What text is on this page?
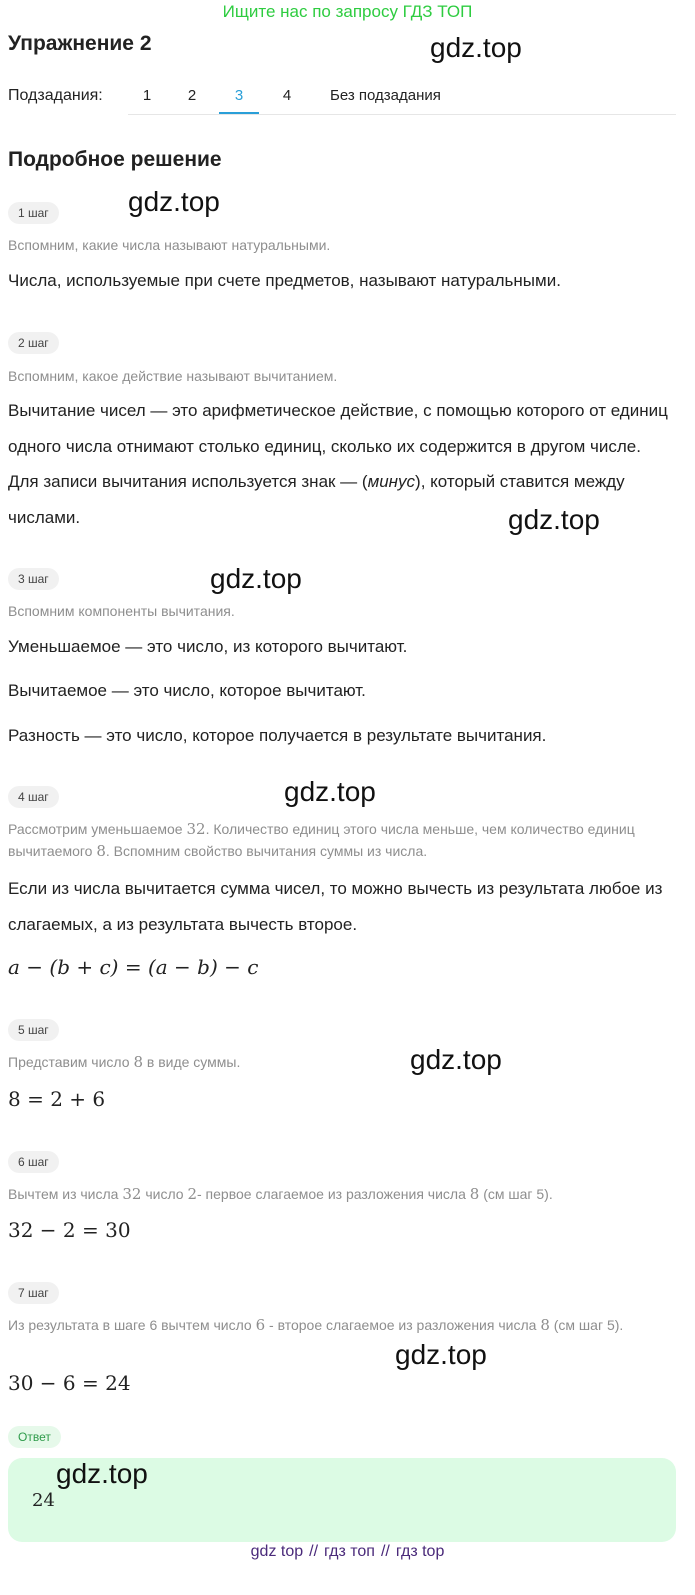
Ищите нас по запросу ГДЗ ТОП
Упражнение 2	gdz.top
Подзадания:	1	2	3	4	Без подзадания
Подробное решение
1 шаг	gdz.top
Вспомним, какие числа называют натуральными.
Числа, используемые при счете предметов, называют натуральными.
2 шаг
Вспомним, какое действие называют вычитанием.
Вычитание чисел — это арифметическое действие, с помощью которого от единиц одного числа отнимают столько единиц, сколько их содержится в другом числе. Для записи вычитания используется знак — (минус), который ставится между числами.	gdz.top
3 шаг	gdz.top
Вспомним компоненты вычитания.
Уменьшаемое — это число, из которого вычитают.
Вычитаемое — это число, которое вычитают.
Разность — это число, которое получается в результате вычитания.
4 шаг	gdz.top
Рассмотрим уменьшаемое 32. Количество единиц этого числа меньше, чем количество единиц вычитаемого 8. Вспомним свойство вычитания суммы из числа.
Если из числа вычитается сумма чисел, то можно вычесть из результата любое из слагаемых, а из результата вычесть второе.
a − (b + c) = (a − b) − c
5 шаг
Представим число 8 в виде суммы.	gdz.top
8 = 2 + 6
6 шаг
Вычтем из числа 32 число 2- первое слагаемое из разложения числа 8 (см шаг 5).
32 − 2 = 30
7 шаг
Из результата в шаге 6 вычтем число 6 - второе слагаемое из разложения числа 8 (см шаг 5).
gdz.top
30 − 6 = 24
Ответ
gdz.top
24
gdz top // гдз топ // гдз top
